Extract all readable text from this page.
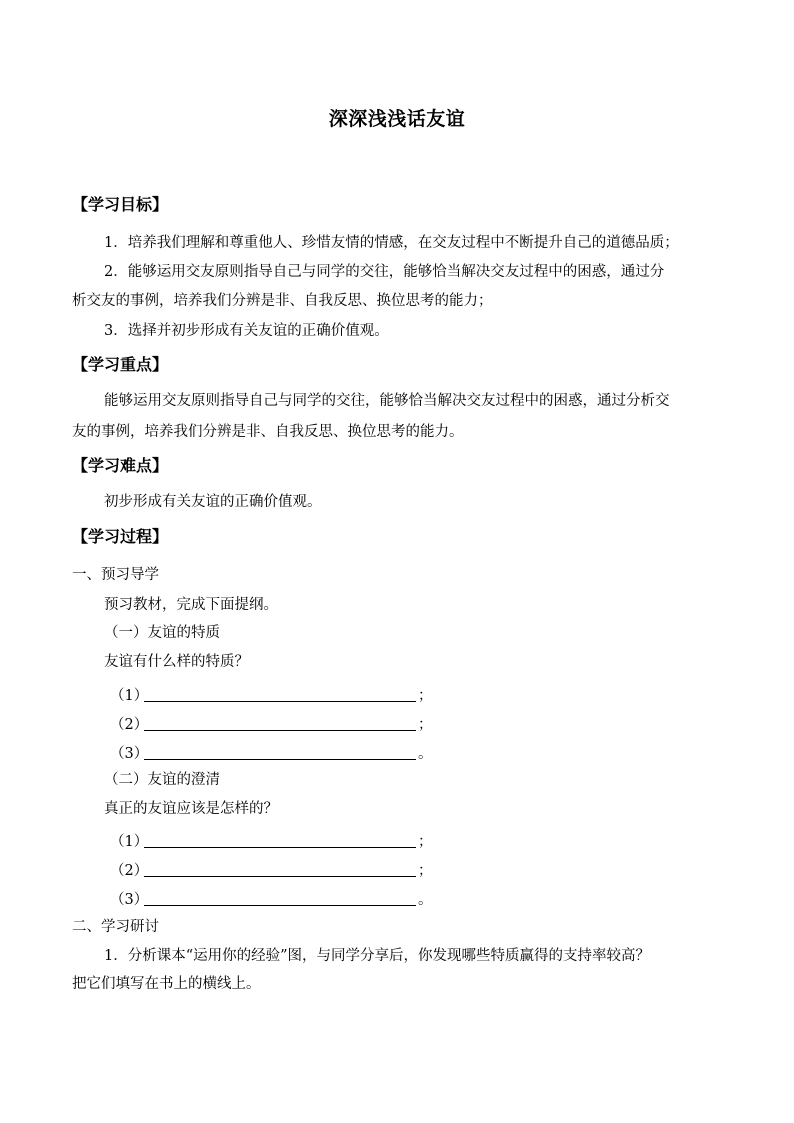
深深浅浅话友谊
【学习目标】
1．培养我们理解和尊重他人、珍惜友情的情感，在交友过程中不断提升自己的道德品质；
2．能够运用交友原则指导自己与同学的交往，能够恰当解决交友过程中的困惑，通过分
析交友的事例，培养我们分辨是非、自我反思、换位思考的能力；
3．选择并初步形成有关友谊的正确价值观。
【学习重点】
能够运用交友原则指导自己与同学的交往，能够恰当解决交友过程中的困惑，通过分析交
友的事例，培养我们分辨是非、自我反思、换位思考的能力。
【学习难点】
初步形成有关友谊的正确价值观。
【学习过程】
一、预习导学
预习教材，完成下面提纲。
（一）友谊的特质
友谊有什么样的特质？
（1）	；
（2）	；
（3）	。
（二）友谊的澄清
真正的友谊应该是怎样的？
（1）	；
（2）	；
（3）	。
二、学习研讨
1．分析课本“运用你的经验”图，与同学分享后，你发现哪些特质赢得的支持率较高？
把它们填写在书上的横线上。
